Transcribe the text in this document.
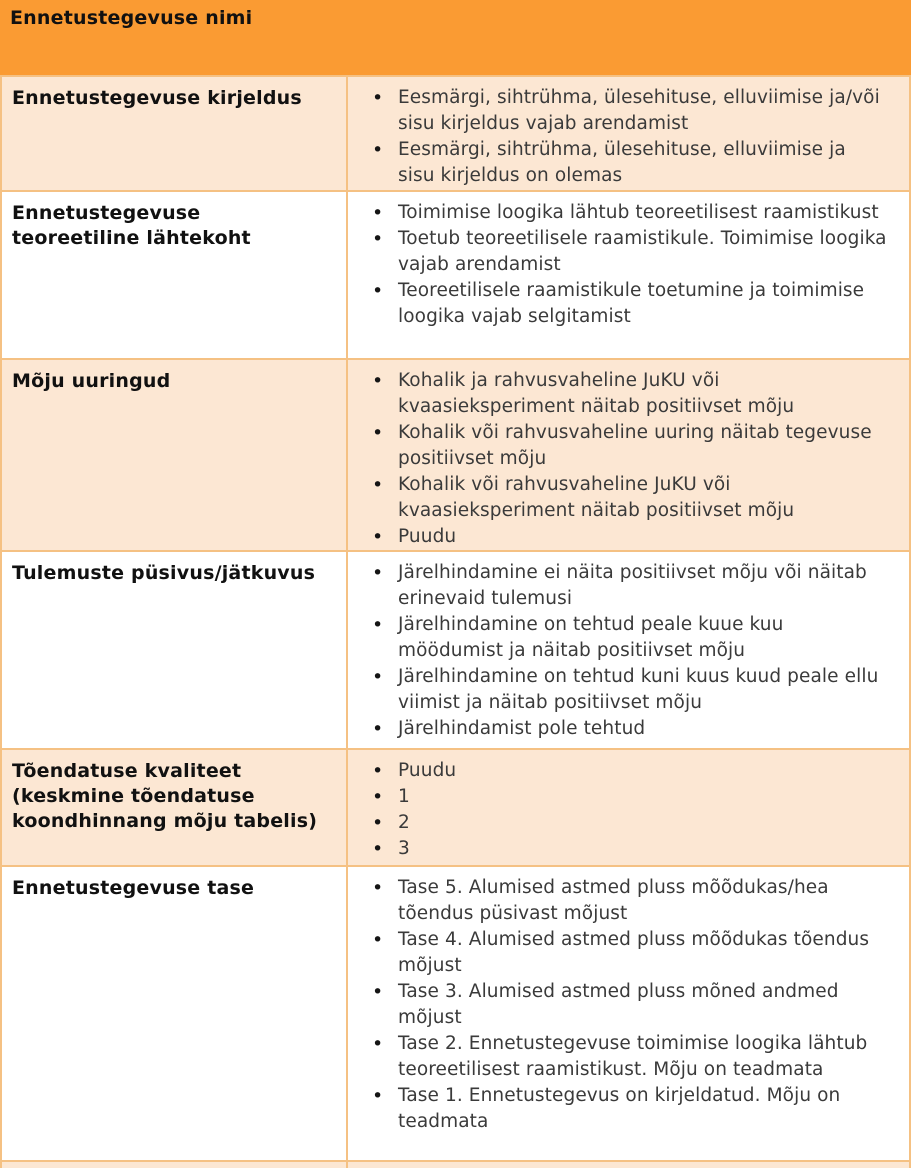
Ennetustegevuse nimi
Ennetustegevuse kirjeldus	• Eesmärgi, sihtrühma, ülesehituse, elluviimise ja/või sisu kirjeldus vajab arendamist
• Eesmärgi, sihtrühma, ülesehituse, elluviimise ja sisu kirjeldus on olemas
Ennetustegevuse teoreetiline lähtekoht
• Toimimise loogika lähtub teoreetilisest raamistikust
• Toetub teoreetilisele raamistikule. Toimimise loogika vajab arendamist
• Teoreetilisele raamistikule toetumine ja toimimise loogika vajab selgitamist
Mõju uuringud	• Kohalik ja rahvusvaheline JuKU või kvaasieksperiment näitab positiivset mõju
• Kohalik või rahvusvaheline uuring näitab tegevuse positiivset mõju
• Kohalik või rahvusvaheline JuKU või kvaasieksperiment näitab positiivset mõju
• Puudu
Tulemuste püsivus/jätkuvus	• Järelhindamine ei näita positiivset mõju või näitab erinevaid tulemusi
• Järelhindamine on tehtud peale kuue kuu möödumist ja näitab positiivset mõju
• Järelhindamine on tehtud kuni kuus kuud peale ellu viimist ja näitab positiivset mõju
• Järelhindamist pole tehtud
Tõendatuse kvaliteet (keskmine tõendatuse koondhinnang mõju tabelis)
• Puudu
• 1
• 2
• 3
Ennetustegevuse tase	• Tase 5. Alumised astmed pluss mõõdukas/hea tõendus püsivast mõjust
• Tase 4. Alumised astmed pluss mõõdukas tõendus mõjust
• Tase 3. Alumised astmed pluss mõned andmed mõjust
• Tase 2. Ennetustegevuse toimimise loogika lähtub teoreetilisest raamistikust. Mõju on teadmata
• Tase 1. Ennetustegevus on kirjeldatud. Mõju on teadmata
